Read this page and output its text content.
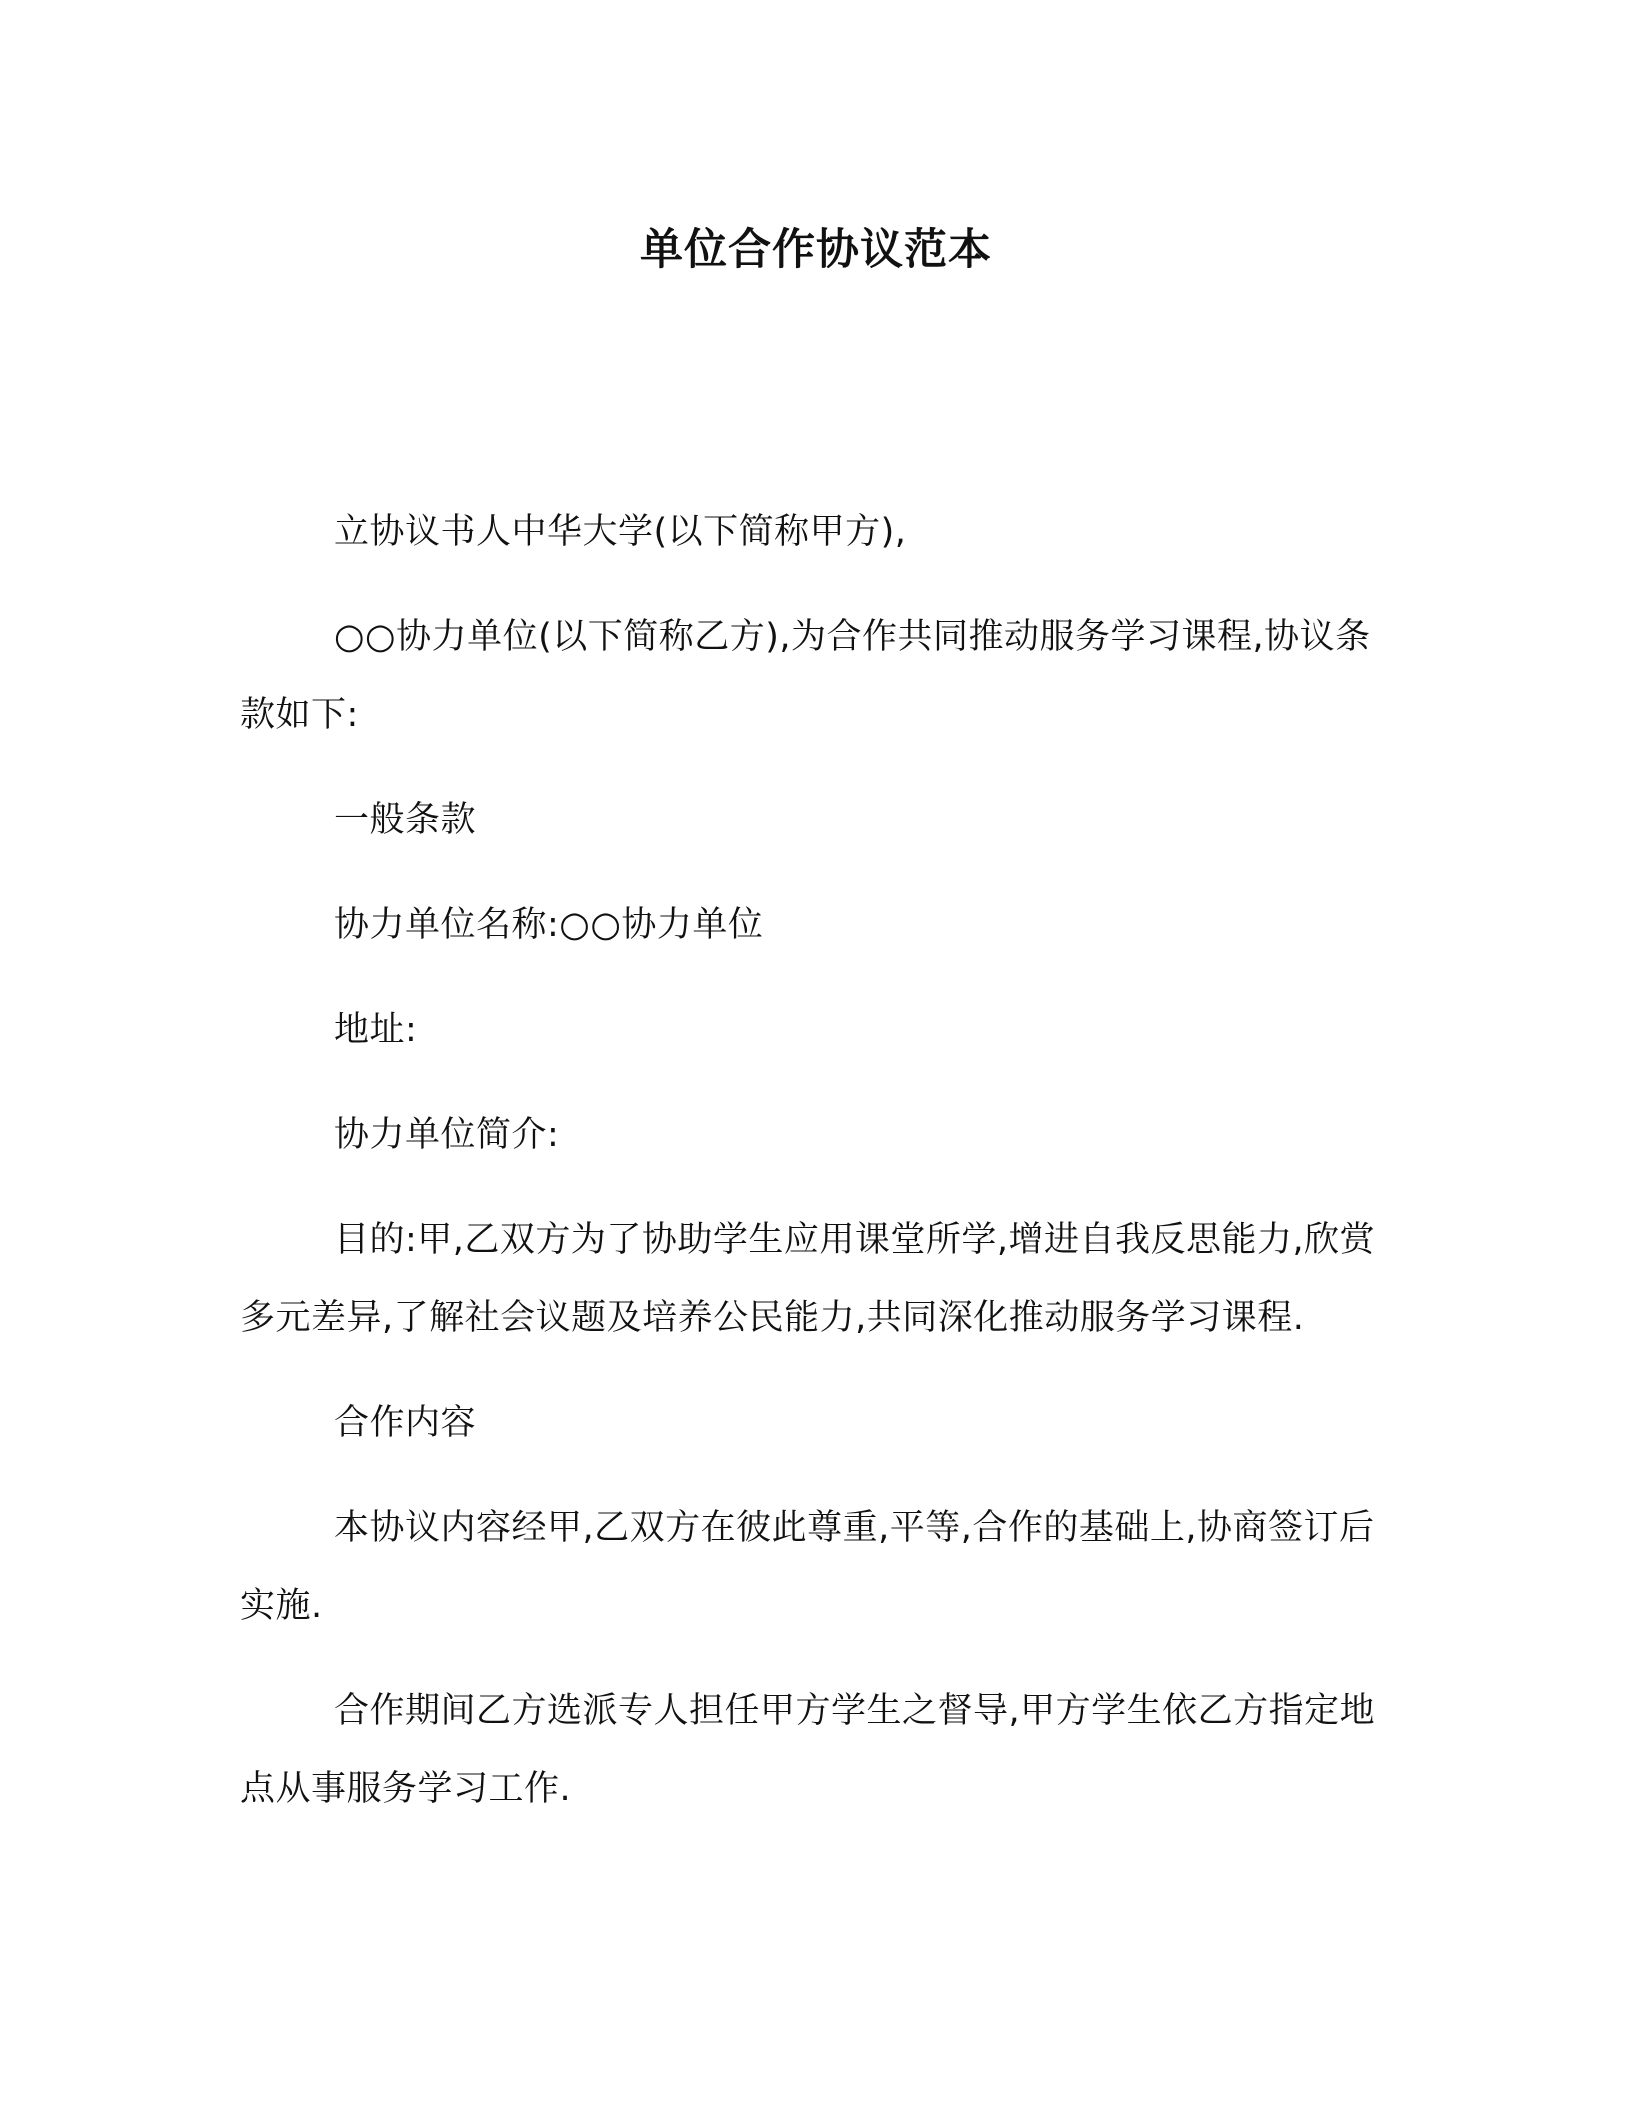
单位合作协议范本

立协议书人中华大学(以下简称甲方),

○○协力单位(以下简称乙方),为合作共同推动服务学习课程,协议条款如下:

一般条款

协力单位名称:○○协力单位

地址:

协力单位简介:

目的:甲,乙双方为了协助学生应用课堂所学,增进自我反思能力,欣赏多元差异,了解社会议题及培养公民能力,共同深化推动服务学习课程.

合作内容

本协议内容经甲,乙双方在彼此尊重,平等,合作的基础上,协商签订后实施.

合作期间乙方选派专人担任甲方学生之督导,甲方学生依乙方指定地点从事服务学习工作.
